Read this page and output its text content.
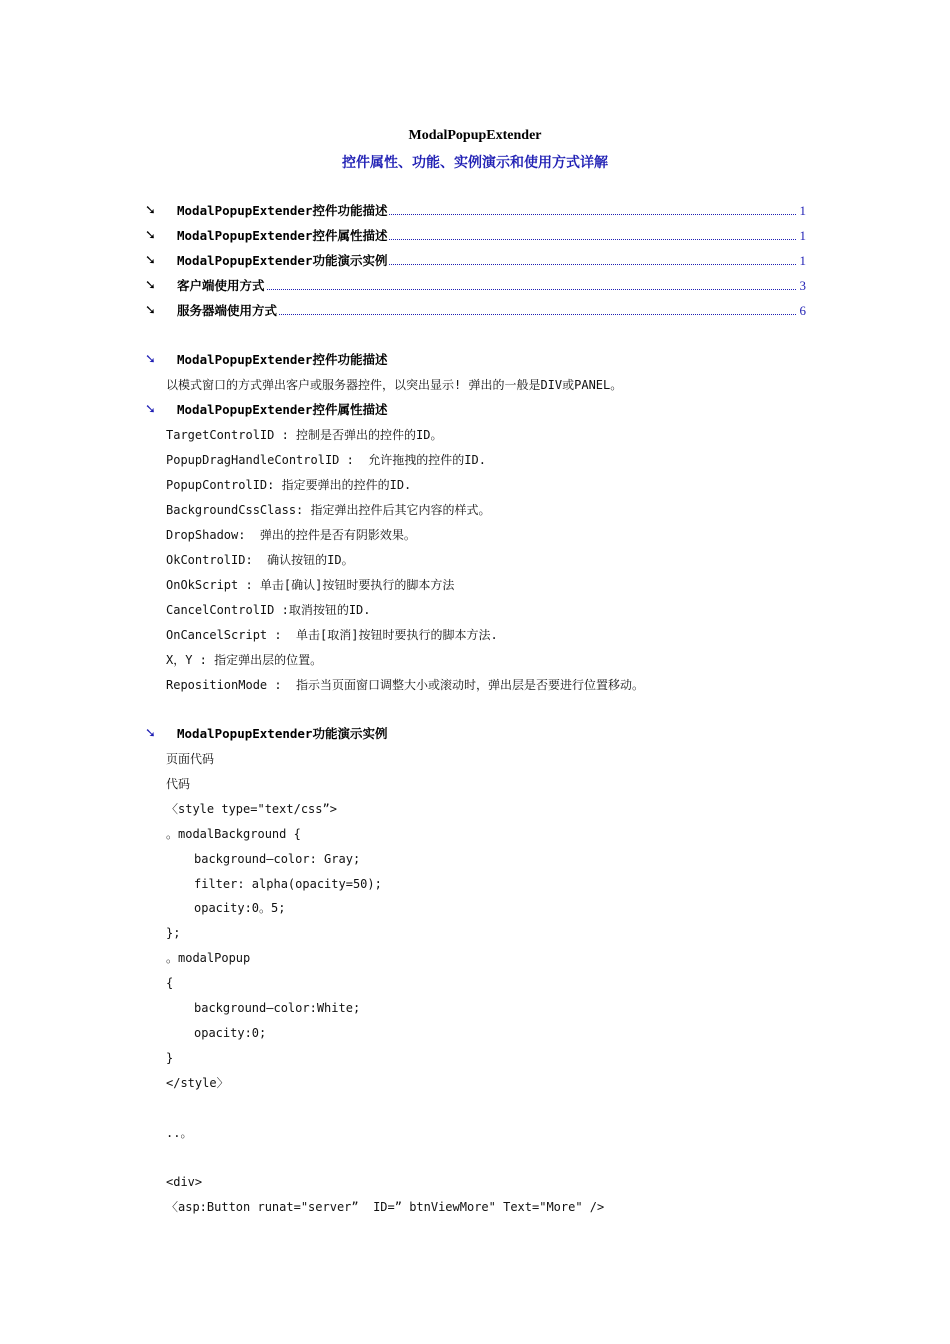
ModalPopupExtender
控件属性、功能、实例演示和使用方式详解
➘	ModalPopupExtender控件功能描述	1
➘	ModalPopupExtender控件属性描述	1
➘	ModalPopupExtender功能演示实例	1
➘	客户端使用方式	3
➘	服务器端使用方式	6
➘ ModalPopupExtender控件功能描述
以模式窗口的方式弹出客户或服务器控件，以突出显示! 弹出的一般是DIV或PANEL。
➘ ModalPopupExtender控件属性描述
TargetControlID : 控制是否弹出的控件的ID。
PopupDragHandleControlID :  允许拖拽的控件的ID.
PopupControlID: 指定要弹出的控件的ID.
BackgroundCssClass: 指定弹出控件后其它内容的样式。
DropShadow:  弹出的控件是否有阴影效果。
OkControlID:  确认按钮的ID。
OnOkScript : 单击[确认]按钮时要执行的脚本方法
CancelControlID :取消按钮的ID.
OnCancelScript :  单击[取消]按钮时要执行的脚本方法.
X，Y : 指定弹出层的位置。
RepositionMode :  指示当页面窗口调整大小或滚动时，弹出层是否要进行位置移动。
➘ ModalPopupExtender功能演示实例
页面代码
代码
〈style type="text/css”>
。modalBackground {
background—color: Gray;
filter: alpha(opacity=50);
opacity:0。5;
};
。modalPopup
{
background—color:White;
opacity:0;
}
</style〉
..。
<div>
〈asp:Button runat="server”  ID=” btnViewMore" Text="More" />
